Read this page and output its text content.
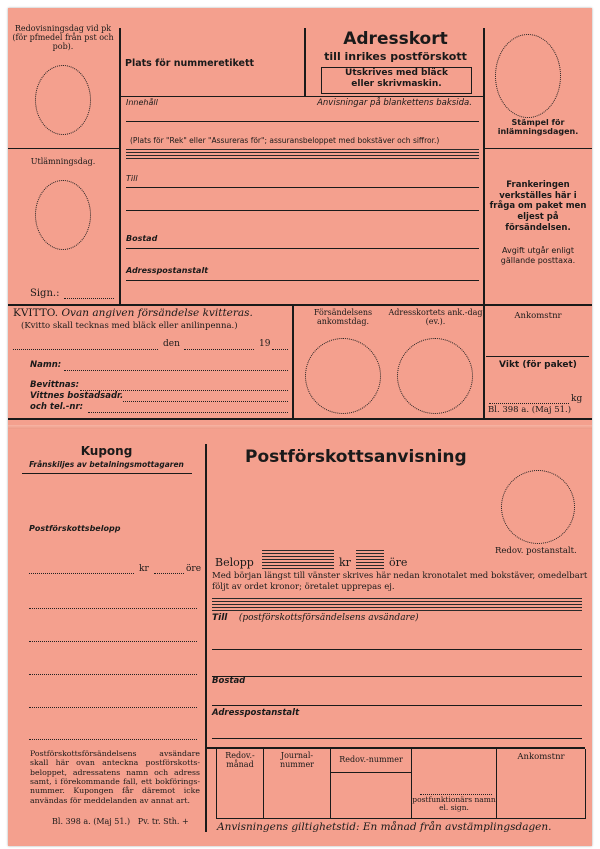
Redovisningsdag vid pk (för pfmedel från pst och pob).
Utlämningsdag.
Sign.:
Plats för nummeretikett
Adresskort
till inrikes postförskott
Utskrives med bläck
eller skrivmaskin.
Anvisningar på blankettens baksida.
Innehåll
(Plats för "Rek" eller "Assureras för"; assuransbeloppet med bokstäver och siffror.)
Till
Bostad
Adresspostanstalt
Stämpel för inlämningsdagen.
Frankeringen verkställes här i fråga om paket men eljest på försändelsen.
Avgift utgår enligt gällande posttaxa.
KVITTO. Ovan angiven försändelse kvitteras.
(Kvitto skall tecknas med bläck eller anilinpenna.)
den	19
Namn:
Bevittnas:
Vittnes bostadsadr.
och tel.-nr:
Försändelsens ankomstdag.
Adresskortets ank.-dag (ev.).
Ankomstnr
Vikt (för paket)
kg
Bl. 398 a. (Maj 51.)
Kupong
Frånskiljes av betalningsmottagaren
Postförskottsbelopp
kr	öre
Postförskottsförsändelsens avsändare skall här ovan anteckna postförskotts-beloppet, adressatens namn och adress samt, i förekommande fall, ett bokförings-nummer. Kupongen får däremot icke användas för meddelanden av annat art.
Bl. 398 a. (Maj 51.) Pv. tr. Sth. +
Postförskottsanvisning
Redov. postanstalt.
Belopp	kr	öre
Med början längst till vänster skrives här nedan kronotalet med bokstäver, omedelbart
följt av ordet kronor; öretalet upprepas ej.
Till (postförskottsförsändelsens avsändare)
Bostad
Adresspostanstalt
Redov.- månad
Journal- nummer
Redov.-nummer
postfunktionärs namn el. sign.
Ankomstnr
Anvisningens giltighetstid: En månad från avstämplingsdagen.
